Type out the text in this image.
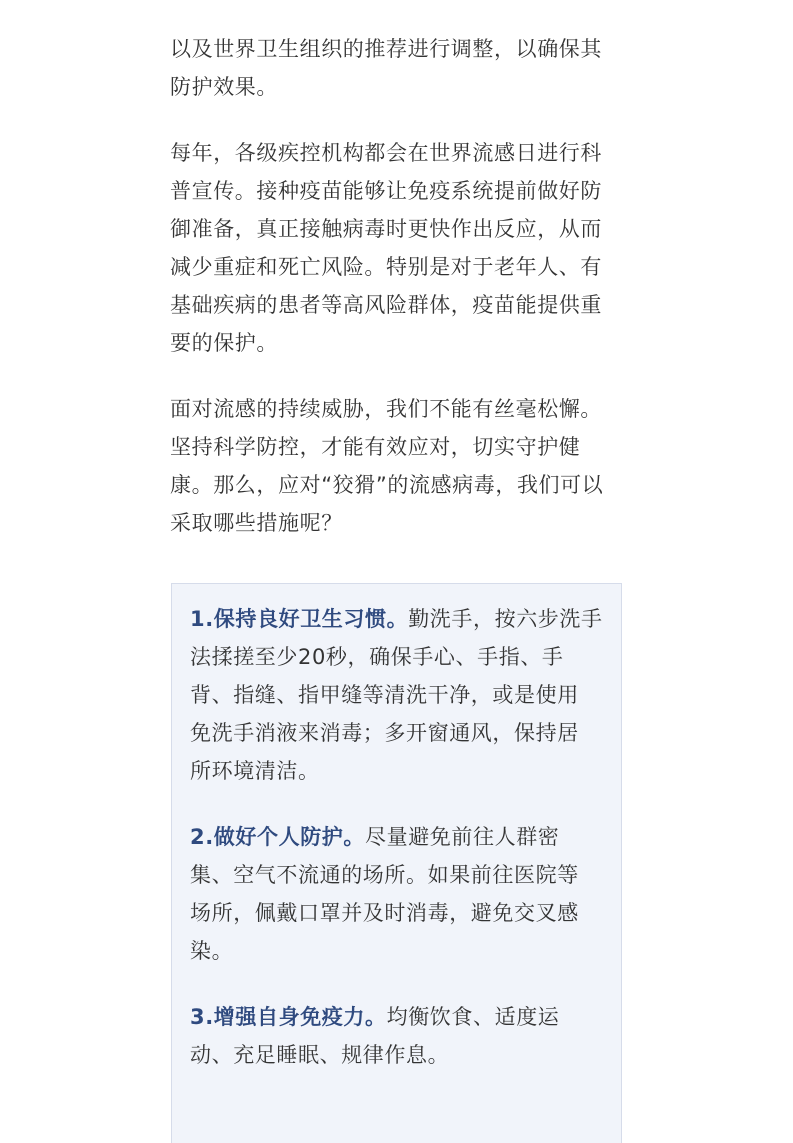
以及世界卫生组织的推荐进行调整，以确保其
防护效果。

每年，各级疾控机构都会在世界流感日进行科
普宣传。接种疫苗能够让免疫系统提前做好防
御准备，真正接触病毒时更快作出反应，从而
减少重症和死亡风险。特别是对于老年人、有
基础疾病的患者等高风险群体，疫苗能提供重
要的保护。

面对流感的持续威胁，我们不能有丝毫松懈。
坚持科学防控，才能有效应对，切实守护健
康。那么，应对“狡猾”的流感病毒，我们可以
采取哪些措施呢？

1.保持良好卫生习惯。勤洗手，按六步洗手
法揉搓至少20秒，确保手心、手指、手
背、指缝、指甲缝等清洗干净，或是使用
免洗手消液来消毒；多开窗通风，保持居
所环境清洁。

2.做好个人防护。尽量避免前往人群密
集、空气不流通的场所。如果前往医院等
场所，佩戴口罩并及时消毒，避免交叉感
染。

3.增强自身免疫力。均衡饮食、适度运
动、充足睡眠、规律作息。
